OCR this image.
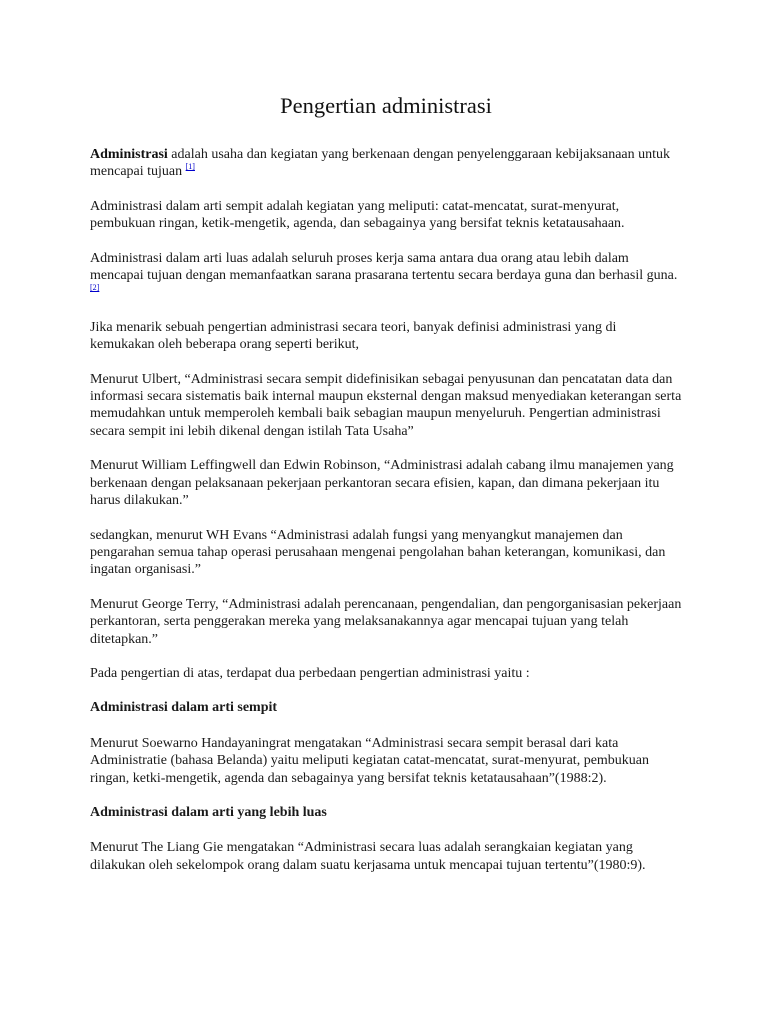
Pengertian administrasi

Administrasi adalah usaha dan kegiatan yang berkenaan dengan penyelenggaraan kebijaksanaan untuk mencapai tujuan [1]

Administrasi dalam arti sempit adalah kegiatan yang meliputi: catat-mencatat, surat-menyurat, pembukuan ringan, ketik-mengetik, agenda, dan sebagainya yang bersifat teknis ketatausahaan.

Administrasi dalam arti luas adalah seluruh proses kerja sama antara dua orang atau lebih dalam mencapai tujuan dengan memanfaatkan sarana prasarana tertentu secara berdaya guna dan berhasil guna. [2]

Jika menarik sebuah pengertian administrasi secara teori, banyak definisi administrasi yang di kemukakan oleh beberapa orang seperti berikut,

Menurut Ulbert, “Administrasi secara sempit didefinisikan sebagai penyusunan dan pencatatan data dan informasi secara sistematis baik internal maupun eksternal dengan maksud menyediakan keterangan serta memudahkan untuk memperoleh kembali baik sebagian maupun menyeluruh. Pengertian administrasi secara sempit ini lebih dikenal dengan istilah Tata Usaha”

Menurut William Leffingwell dan Edwin Robinson, “Administrasi adalah cabang ilmu manajemen yang berkenaan dengan pelaksanaan pekerjaan perkantoran secara efisien, kapan, dan dimana pekerjaan itu harus dilakukan.”

sedangkan, menurut WH Evans “Administrasi adalah fungsi yang menyangkut manajemen dan pengarahan semua tahap operasi perusahaan mengenai pengolahan bahan keterangan, komunikasi, dan ingatan organisasi.”

Menurut George Terry, “Administrasi adalah perencanaan, pengendalian, dan pengorganisasian pekerjaan perkantoran, serta penggerakan mereka yang melaksanakannya agar mencapai tujuan yang telah ditetapkan.”

Pada pengertian di atas, terdapat dua perbedaan pengertian administrasi yaitu :

Administrasi dalam arti sempit

Menurut Soewarno Handayaningrat mengatakan “Administrasi secara sempit berasal dari kata Administratie (bahasa Belanda) yaitu meliputi kegiatan catat-mencatat, surat-menyurat, pembukuan ringan, ketki-mengetik, agenda dan sebagainya yang bersifat teknis ketatausahaan”(1988:2).

Administrasi dalam arti yang lebih luas

Menurut The Liang Gie mengatakan “Administrasi secara luas adalah serangkaian kegiatan yang dilakukan oleh sekelompok orang dalam suatu kerjasama untuk mencapai tujuan tertentu”(1980:9).
